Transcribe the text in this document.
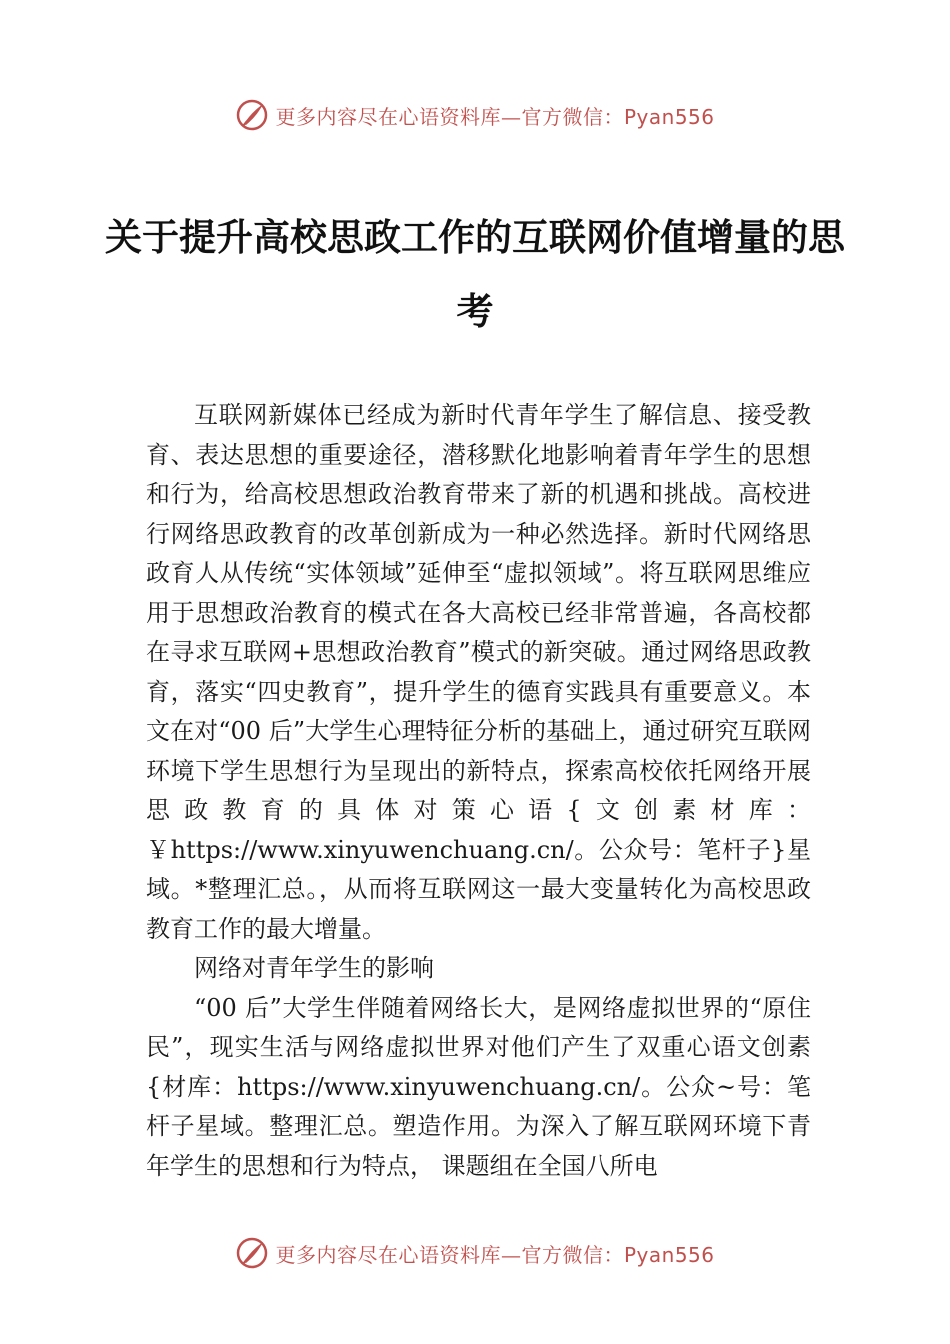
更多内容尽在心语资料库—官方微信：Pyan556
关于提升高校思政工作的互联网价值增量的思考

互联网新媒体已经成为新时代青年学生了解信息、接受教育、表达思想的重要途径，潜移默化地影响着青年学生的思想和行为，给高校思想政治教育带来了新的机遇和挑战。高校进行网络思政教育的改革创新成为一种必然选择。新时代网络思政育人从传统“实体领域”延伸至“虚拟领域”。将互联网思维应用于思想政治教育的模式在各大高校已经非常普遍，各高校都在寻求互联网+思想政治教育”模式的新突破。通过网络思政教育，落实“四史教育”，提升学生的德育实践具有重要意义。本文在对“00 后”大学生心理特征分析的基础上，通过研究互联网环境下学生思想行为呈现出的新特点，探索高校依托网络开展思政教育的具体对策心语{文创素材库：￥https://www.xinyuwenchuang.cn/。公众号：笔杆子}星域。*整理汇总。，从而将互联网这一最大变量转化为高校思政教育工作的最大增量。

网络对青年学生的影响

“00 后”大学生伴随着网络长大，是网络虚拟世界的“原住民”，现实生活与网络虚拟世界对他们产生了双重心语文创素{材库：https://www.xinyuwenchuang.cn/。公众~号：笔杆子星域。整理汇总。塑造作用。为深入了解互联网环境下青年学生的思想和行为特点， 课题组在全国八所电

更多内容尽在心语资料库—官方微信：Pyan556
